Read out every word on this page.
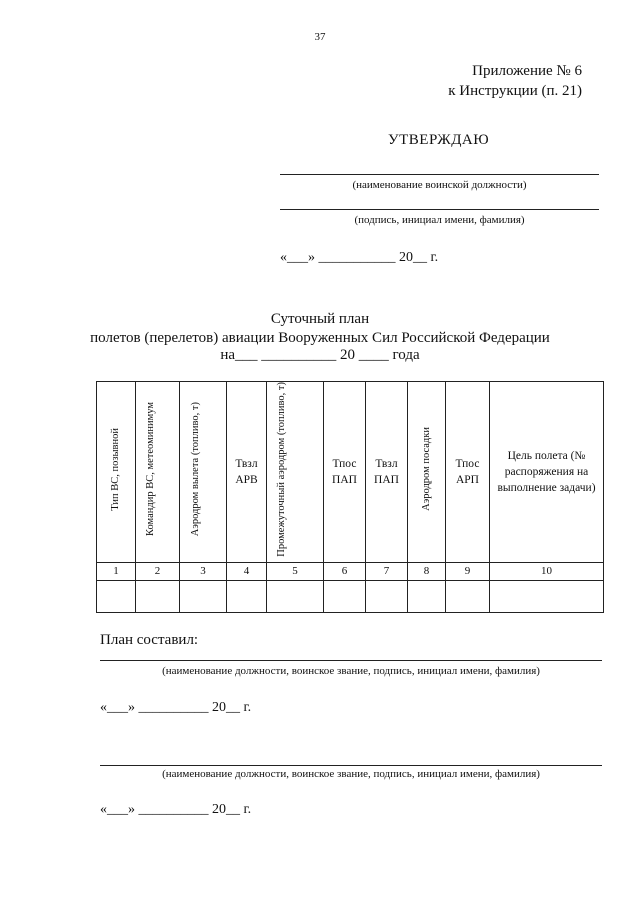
37
Приложение № 6
к Инструкции (п. 21)
УТВЕРЖДАЮ
(наименование воинской должности)
(подпись, инициал имени, фамилия)
«___» ___________ 20__ г.
Суточный план
полетов (перелетов) авиации Вооруженных Сил Российской Федерации
на___ __________ 20 ____ года
Тип ВС, позывной	Командир ВС, метеоминимум	Аэродром вылета (топливо, т)	Твзл АРВ	Промежуточный аэродром (топливо, т)	Тпос ПАП	Твзл ПАП	Аэродром посадки	Тпос АРП	Цель полета (№ распоряжения на выполнение задачи)

1	2	3	4	5	6	7	8	9	10

План составил:
(наименование должности, воинское звание, подпись, инициал имени, фамилия)
«___» __________ 20__ г.
(наименование должности, воинское звание, подпись, инициал имени, фамилия)
«___» __________ 20__ г.
